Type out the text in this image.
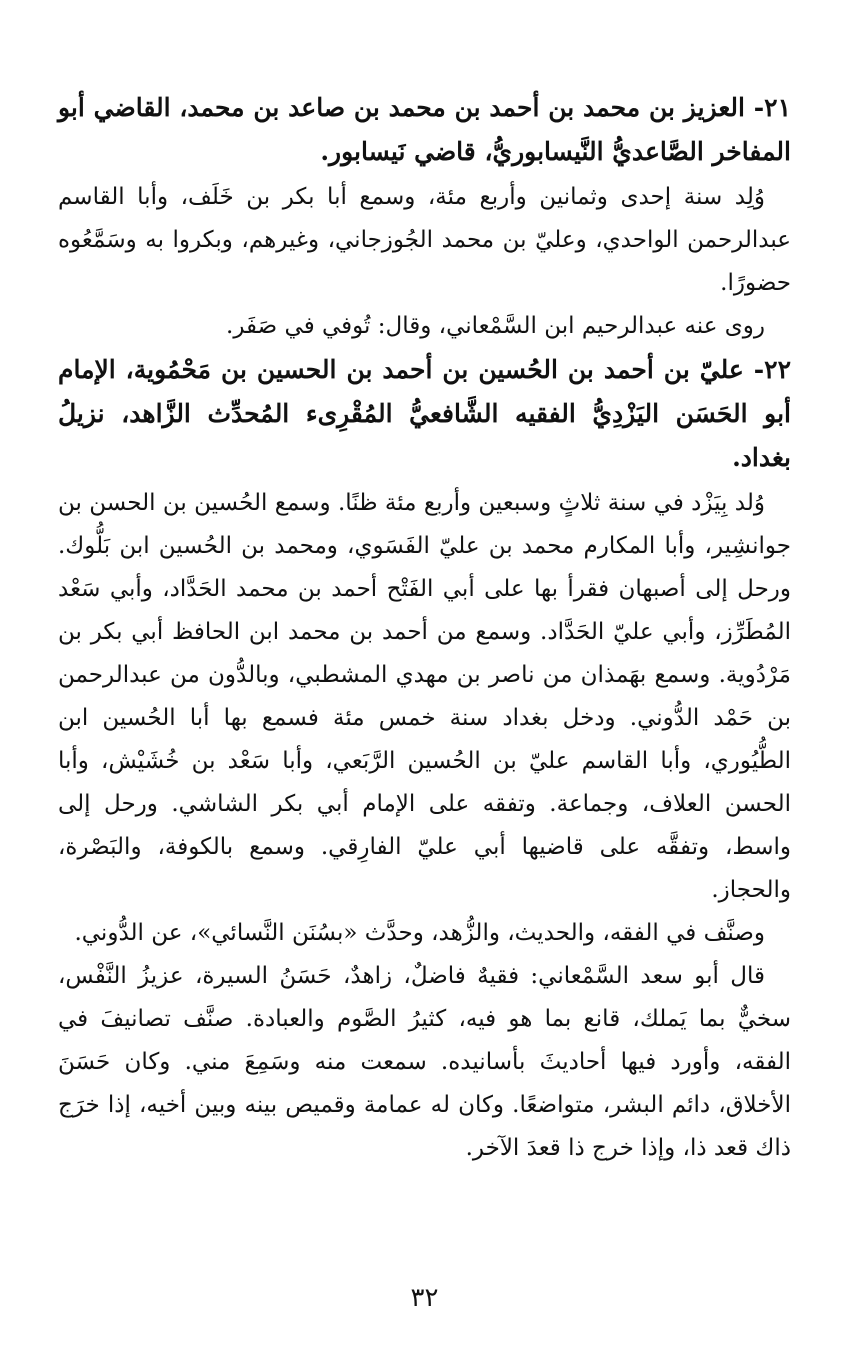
٢١- العزيز بن محمد بن أحمد بن محمد بن صاعد بن محمد، القاضي أبو المفاخر الصَّاعديُّ النَّيسابوريُّ، قاضي نَيسابور.

وُلِد سنة إحدى وثمانين وأربع مئة، وسمع أبا بكر بن خَلَف، وأبا القاسم عبدالرحمن الواحدي، وعليّ بن محمد الجُوزجاني، وغيرهم، وبكروا به وسَمَّعُوه حضورًا.

روى عنه عبدالرحيم ابن السَّمْعاني، وقال: تُوفي في صَفَر.

٢٢- عليّ بن أحمد بن الحُسين بن أحمد بن الحسين بن مَحْمُوية، الإمام أبو الحَسَن اليَزْدِيُّ الفقيه الشَّافعيُّ المُقْرِىء المُحدِّث الزَّاهد، نزيلُ بغداد.

وُلد بِيَزْد في سنة ثلاثٍ وسبعين وأربع مئة ظنًا. وسمع الحُسين بن الحسن بن جوانشِير، وأبا المكارم محمد بن عليّ الفَسَوي، ومحمد بن الحُسين ابن بَلُّوك. ورحل إلى أصبهان فقرأ بها على أبي الفَتْح أحمد بن محمد الحَدَّاد، وأبي سَعْد المُطَرِّز، وأبي عليّ الحَدَّاد. وسمع من أحمد بن محمد ابن الحافظ أبي بكر بن مَرْدُوية. وسمع بهَمذان من ناصر بن مهدي المشطبي، وبالدُّون من عبدالرحمن بن حَمْد الدُّوني. ودخل بغداد سنة خمس مئة فسمع بها أبا الحُسين ابن الطُّيُوري، وأبا القاسم عليّ بن الحُسين الرَّبَعي، وأبا سَعْد بن خُشَيْش، وأبا الحسن العلاف، وجماعة. وتفقه على الإمام أبي بكر الشاشي. ورحل إلى واسط، وتفقَّه على قاضيها أبي عليّ الفارِقي. وسمع بالكوفة، والبَصْرة، والحجاز.

وصنَّف في الفقه، والحديث، والزُّهد، وحدَّث «بسُنَن النَّسائي»، عن الدُّوني.

قال أبو سعد السَّمْعاني: فقيهٌ فاضلٌ، زاهدٌ، حَسَنُ السيرة، عزيزُ النَّفْس، سخيٌّ بما يَملك، قانع بما هو فيه، كثيرُ الصَّوم والعبادة. صنَّف تصانيفَ في الفقه، وأورد فيها أحاديثَ بأسانيده. سمعت منه وسَمِعَ مني. وكان حَسَنَ الأخلاق، دائم البشر، متواضعًا. وكان له عمامة وقميص بينه وبين أخيه، إذا خرَج ذاك قعد ذا، وإذا خرج ذا قعدَ الآخر.

٣٢
